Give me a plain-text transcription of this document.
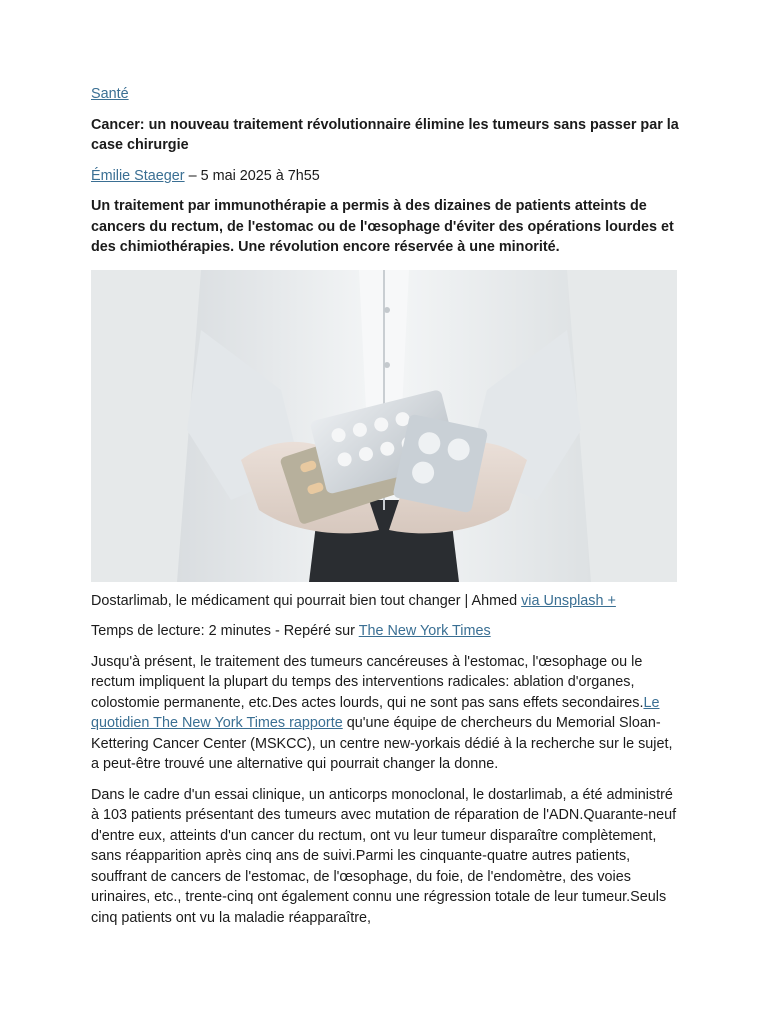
Santé

Cancer: un nouveau traitement révolutionnaire élimine les tumeurs sans passer par la case chirurgie

Émilie Staeger – 5 mai 2025 à 7h55

Un traitement par immunothérapie a permis à des dizaines de patients atteints de cancers du rectum, de l'estomac ou de l'œsophage d'éviter des opérations lourdes et des chimiothérapies. Une révolution encore réservée à une minorité.

Dostarlimab, le médicament qui pourrait bien tout changer | Ahmed via Unsplash +

Temps de lecture: 2 minutes - Repéré sur The New York Times

Jusqu'à présent, le traitement des tumeurs cancéreuses à l'estomac, l'œsophage ou le rectum impliquent la plupart du temps des interventions radicales: ablation d'organes, colostomie permanente, etc.Des actes lourds, qui ne sont pas sans effets secondaires.Le quotidien The New York Times rapporte qu'une équipe de chercheurs du Memorial Sloan-Kettering Cancer Center (MSKCC), un centre new-yorkais dédié à la recherche sur le sujet, a peut-être trouvé une alternative qui pourrait changer la donne.

Dans le cadre d'un essai clinique, un anticorps monoclonal, le dostarlimab, a été administré à 103 patients présentant des tumeurs avec mutation de réparation de l'ADN.Quarante-neuf d'entre eux, atteints d'un cancer du rectum, ont vu leur tumeur disparaître complètement, sans réapparition après cinq ans de suivi.Parmi les cinquante-quatre autres patients, souffrant de cancers de l'estomac, de l'œsophage, du foie, de l'endomètre, des voies urinaires, etc., trente-cinq ont également connu une régression totale de leur tumeur.Seuls cinq patients ont vu la maladie réapparaître,
